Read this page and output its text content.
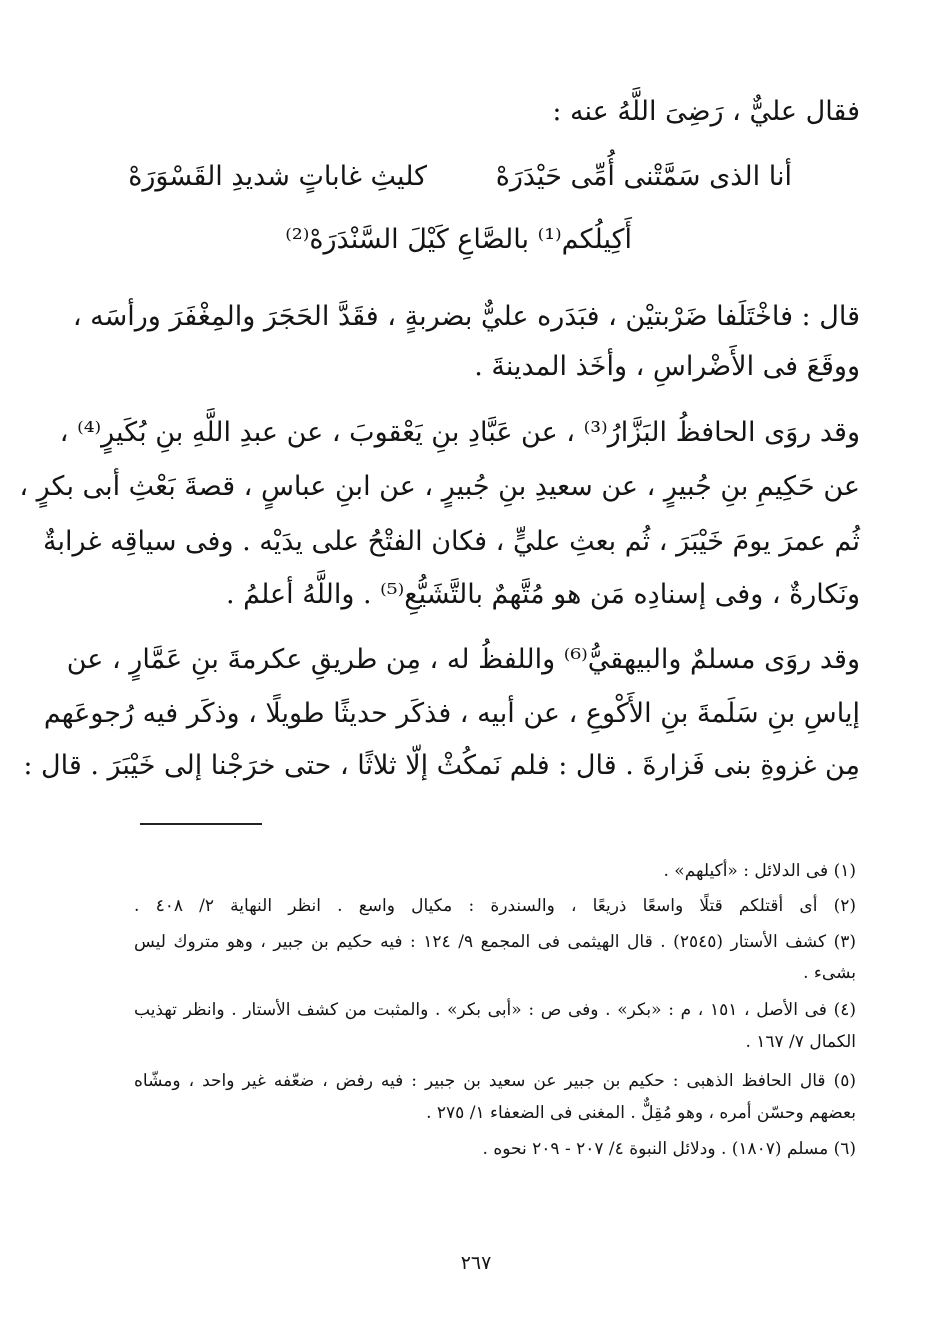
فقال عليٌّ ، رَضِىَ اللَّهُ عنه :
أنا الذى سَمَّتْنى أُمِّى حَيْدَرَهْ
كليثِ غاباتٍ شديدِ القَسْوَرَهْ
أَكِيلُكم⁽¹⁾ بالصَّاعِ كَيْلَ السَّنْدَرَهْ⁽²⁾
قال : فاخْتَلَفا ضَرْبتيْن ، فبَدَره عليٌّ بضربةٍ ، فقَدَّ الحَجَرَ والمِغْفَرَ ورأسَه ،
ووقَعَ فى الأَضْراسِ ، وأخَذ المدينةَ .
وقد روَى الحافظُ البَزَّارُ⁽³⁾ ، عن عَبَّادِ بنِ يَعْقوبَ ، عن عبدِ اللَّهِ بنِ بُكَيرٍ⁽⁴⁾ ،
عن حَكِيمِ بنِ جُبيرٍ ، عن سعيدِ بنِ جُبيرٍ ، عن ابنِ عباسٍ ، قصةَ بَعْثِ أبى بكرٍ ،
ثُم عمرَ يومَ خَيْبَرَ ، ثُم بعثِ عليٍّ ، فكان الفتْحُ على يدَيْه . وفى سياقِه غرابةٌ
ونَكارةٌ ، وفى إسنادِه مَن هو مُتَّهمٌ بالتَّشَيُّعِ⁽⁵⁾ . واللَّهُ أعلمُ .
وقد روَى مسلمٌ والبيهقيُّ⁽⁶⁾ واللفظُ له ، مِن طريقِ عكرمةَ بنِ عَمَّارٍ ، عن
إياسِ بنِ سَلَمةَ بنِ الأَكْوعِ ، عن أبيه ، فذكَر حديثًا طويلًا ، وذكَر فيه رُجوعَهم
مِن غزوةِ بنى فَزارةَ . قال : فلم نَمكُثْ إلّا ثلاثًا ، حتى خرَجْنا إلى خَيْبَرَ . قال :
(١) فى الدلائل : «أكيلهم» .
(٢) أى أقتلكم قتلًا واسعًا ذريعًا ، والسندرة : مكيال واسع . انظر النهاية ٢/ ٤٠٨ .
(٣) كشف الأستار (٢٥٤٥) . قال الهيثمى فى المجمع ٩/ ١٢٤ : فيه حكيم بن جبير ، وهو متروك ليس
بشىء .
(٤) فى الأصل ، ١٥١ ، م : «بكر» . وفى ص : «أبى بكر» . والمثبت من كشف الأستار . وانظر تهذيب
الكمال ٧/ ١٦٧ .
(٥) قال الحافظ الذهبى : حكيم بن جبير عن سعيد بن جبير : فيه رفض ، ضعّفه غير واحد ، ومشّاه
بعضهم وحسّن أمره ، وهو مُقِلٌّ . المغنى فى الضعفاء ١/ ٢٧٥ .
(٦) مسلم (١٨٠٧) . ودلائل النبوة ٤/ ٢٠٧ - ٢٠٩ نحوه .
٢٦٧
